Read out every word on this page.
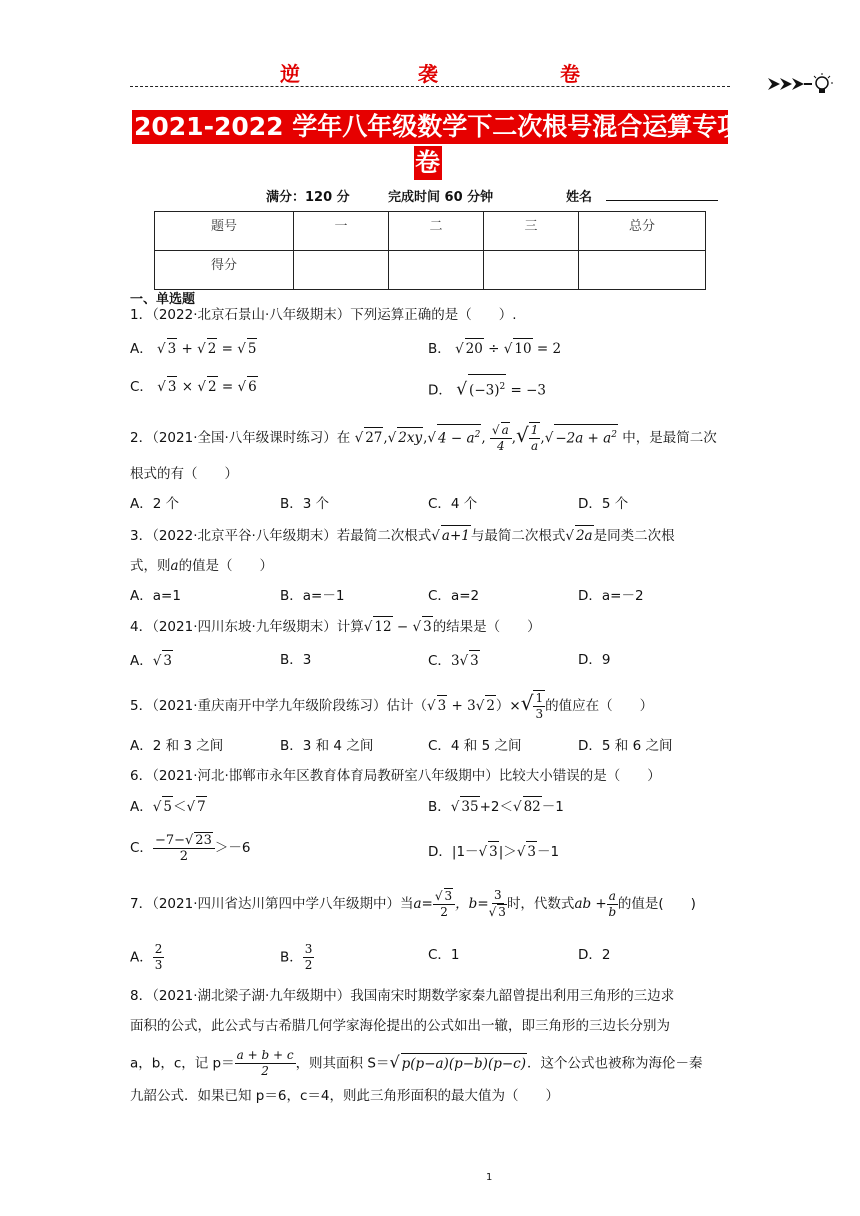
逆	袭	卷
2021-2022 学年八年级数学下二次根号混合运算专项测试
卷
满分：120 分	完成时间 60 分钟	姓名
题号	一	二	三	总分
得分				
一、单选题
1．（2022·北京石景山·八年级期末）下列运算正确的是（　　）.
A． √ 3 + √ 2 = √ 5	B． √ 20 ÷ √ 10 = 2
C． √ 3 × √ 2 = √ 6	D． √ $(-3)^2 = -3$
2．（2021·全国·八年级课时练习）在 √ 27,√ 2xy,√ $4 - a^2$, $\frac{√ a}{4}$ ,√ $\frac{1}{a}$ ,√ $-2a + a^2$ 中，是最简二次
根式的有（　　）
A．2 个	B．3 个	C．4 个	D．5 个
3．（2022·北京平谷·八年级期末）若最简二次根式√ a+1与最简二次根式√ 2a是同类二次根
式，则a的值是（　　）
A．a=1	B．a=－1	C．a=2	D．a=－2
4．（2021·四川东坡·九年级期末）计算√ 12 − √ 3的结果是（　　）
A．√ 3	B．3	C．3√ 3	D．9
5．（2021·重庆南开中学九年级阶段练习）估计（√ 3 + 3√ $2)\times√ \frac{1}{3}$ 的值应在（　　）
A．2 和 3 之间	B．3 和 4 之间	C．4 和 5 之间	D．5 和 6 之间
6．（2021·河北·邯郸市永年区教育体育局教研室八年级期中）比较大小错误的是（　　）
A．√ 5＜√ 7	B．√ 35+2＜√ 82－1
C． $\frac{-7-√ 23}{2} >-6$	D．|1－√ 3|＞√ 3－1
7．（2021·四川省达川第四中学八年级期中）当$a= \frac{√ 3}{2}$ ，$b= \frac{3}{√ 3}$ 时，代数式ab + $\frac{a}{b}$ 的值是(　　)
A． $\frac{2}{3}$	B． $\frac{3}{2}$	C．1	D．2
8．（2021·湖北梁子湖·九年级期中）我国南宋时期数学家秦九韶曾提出利用三角形的三边求
面积的公式，此公式与古希腊几何学家海伦提出的公式如出一辙，即三角形的三边长分别为
a，b，c，记 $p= \frac{a + b + c}{2}$ ，则其面积 S＝√ p(p−a)(p−b)(p−c)．这个公式也被称为海伦－秦
九韶公式．如果已知 p＝6，c＝4，则此三角形面积的最大值为（　　）
1
